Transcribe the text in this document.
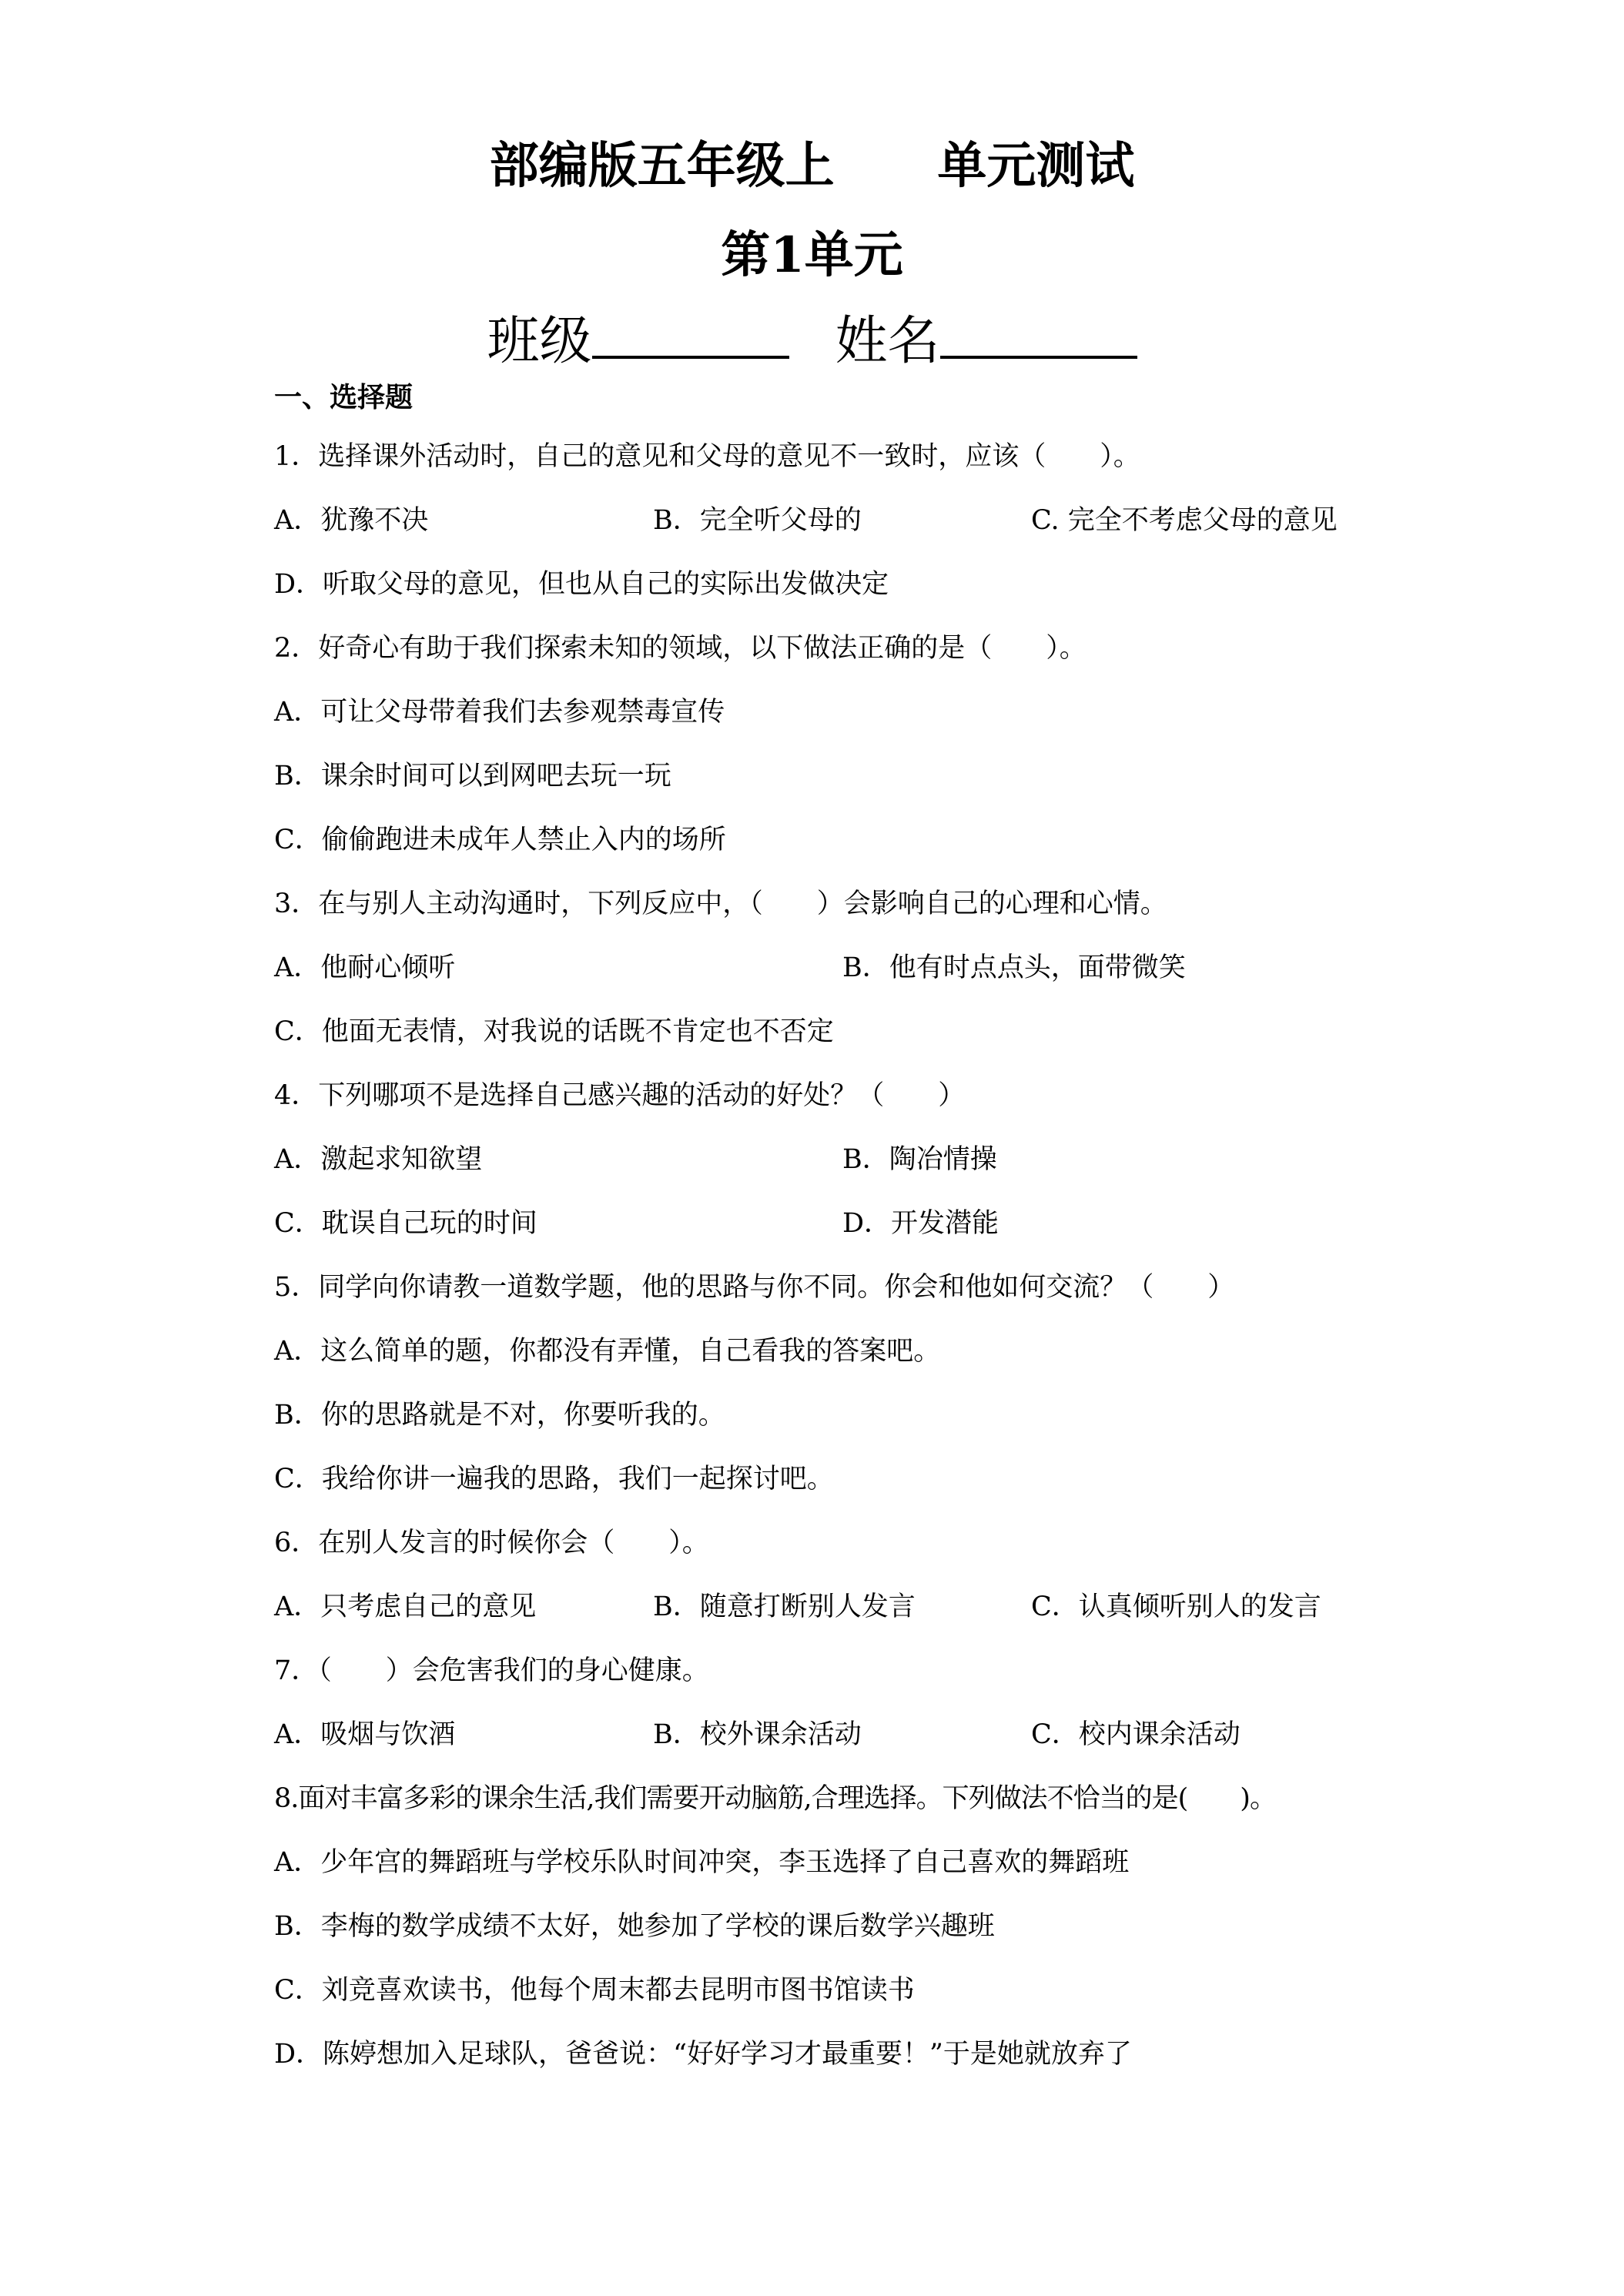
部编版五年级上      单元测试
第1单元
班级	姓名
一、选择题
1．选择课外活动时，自己的意见和父母的意见不一致时，应该（　　）。
A．犹豫不决	B．完全听父母的	C. 完全不考虑父母的意见
D．听取父母的意见，但也从自己的实际出发做决定
2．好奇心有助于我们探索未知的领域，以下做法正确的是（　　）。
A．可让父母带着我们去参观禁毒宣传
B．课余时间可以到网吧去玩一玩
C．偷偷跑进未成年人禁止入内的场所
3．在与别人主动沟通时，下列反应中，（　　）会影响自己的心理和心情。
A．他耐心倾听	B．他有时点点头，面带微笑
C．他面无表情，对我说的话既不肯定也不否定
4．下列哪项不是选择自己感兴趣的活动的好处？（　　）
A．激起求知欲望	B．陶冶情操
C．耽误自己玩的时间	D．开发潜能
5．同学向你请教一道数学题，他的思路与你不同。你会和他如何交流？（　　）
A．这么简单的题，你都没有弄懂，自己看我的答案吧。
B．你的思路就是不对，你要听我的。
C．我给你讲一遍我的思路，我们一起探讨吧。
6．在别人发言的时候你会（　　）。
A．只考虑自己的意见	B．随意打断别人发言	C．认真倾听别人的发言
7．（　　）会危害我们的身心健康。
A．吸烟与饮酒	B．校外课余活动	C．校内课余活动
8.面对丰富多彩的课余生活,我们需要开动脑筋,合理选择。下列做法不恰当的是(　　)。
A．少年宫的舞蹈班与学校乐队时间冲突，李玉选择了自己喜欢的舞蹈班
B．李梅的数学成绩不太好，她参加了学校的课后数学兴趣班
C．刘竞喜欢读书，他每个周末都去昆明市图书馆读书
D．陈婷想加入足球队，爸爸说：“好好学习才最重要！”于是她就放弃了
